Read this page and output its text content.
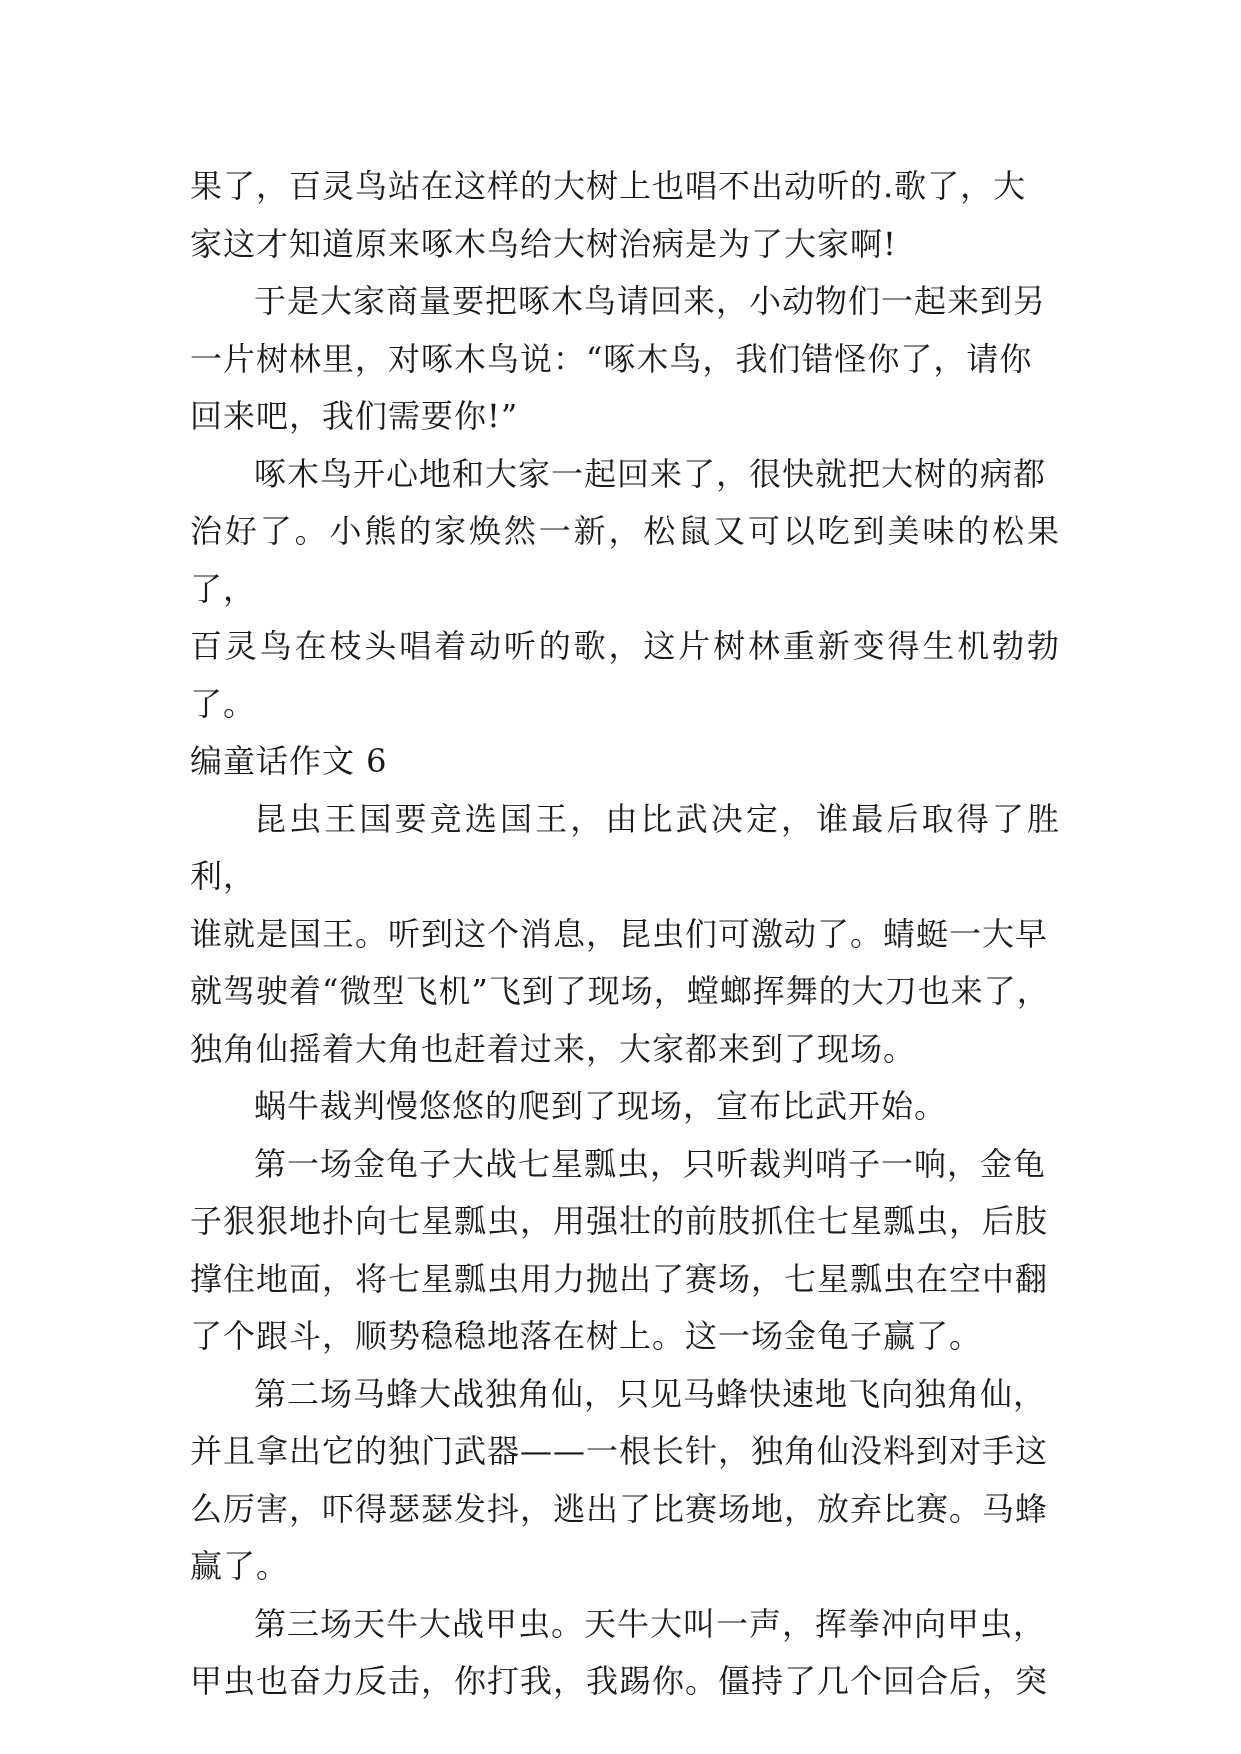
果了，百灵鸟站在这样的大树上也唱不出动听的.歌了，大

家这才知道原来啄木鸟给大树治病是为了大家啊!

于是大家商量要把啄木鸟请回来，小动物们一起来到另

一片树林里，对啄木鸟说：“啄木鸟，我们错怪你了，请你

回来吧，我们需要你!”

啄木鸟开心地和大家一起回来了，很快就把大树的病都

治好了。小熊的家焕然一新，松鼠又可以吃到美味的松果了，

百灵鸟在枝头唱着动听的歌，这片树林重新变得生机勃勃了。

编童话作文 6

昆虫王国要竞选国王，由比武决定，谁最后取得了胜利，

谁就是国王。听到这个消息，昆虫们可激动了。蜻蜓一大早

就驾驶着“微型飞机”飞到了现场，螳螂挥舞的大刀也来了，

独角仙摇着大角也赶着过来，大家都来到了现场。

蜗牛裁判慢悠悠的爬到了现场，宣布比武开始。

第一场金龟子大战七星瓢虫，只听裁判哨子一响，金龟

子狠狠地扑向七星瓢虫，用强壮的前肢抓住七星瓢虫，后肢

撑住地面，将七星瓢虫用力抛出了赛场，七星瓢虫在空中翻

了个跟斗，顺势稳稳地落在树上。这一场金龟子赢了。

第二场马蜂大战独角仙，只见马蜂快速地飞向独角仙，

并且拿出它的独门武器——一根长针，独角仙没料到对手这

么厉害，吓得瑟瑟发抖，逃出了比赛场地，放弃比赛。马蜂

赢了。

第三场天牛大战甲虫。天牛大叫一声，挥拳冲向甲虫，

甲虫也奋力反击，你打我，我踢你。僵持了几个回合后，突
